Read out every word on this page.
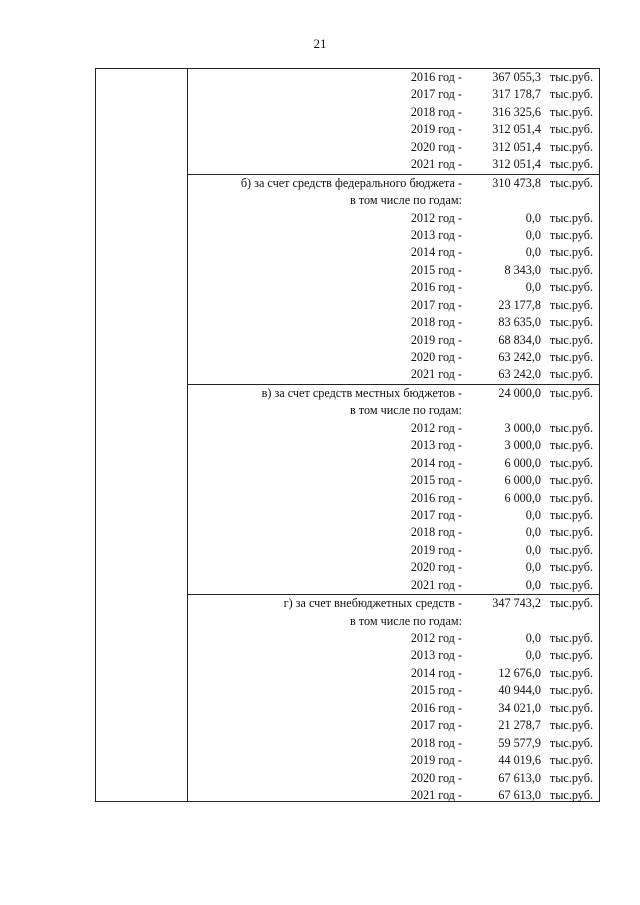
21
2016 год - 367 055,3 тыс.руб.
2017 год - 317 178,7 тыс.руб.
2018 год - 316 325,6 тыс.руб.
2019 год - 312 051,4 тыс.руб.
2020 год - 312 051,4 тыс.руб.
2021 год - 312 051,4 тыс.руб.
б) за счет средств федерального бюджета - 310 473,8 тыс.руб.
в том числе по годам:
2012 год -	0,0 тыс.руб.
2013 год -	0,0 тыс.руб.
2014 год -	0,0 тыс.руб.
2015 год -	8 343,0 тыс.руб.
2016 год -	0,0 тыс.руб.
2017 год -	23 177,8 тыс.руб.
2018 год -	83 635,0 тыс.руб.
2019 год -	68 834,0 тыс.руб.
2020 год -	63 242,0 тыс.руб.
2021 год -	63 242,0 тыс.руб.
в) за счет средств местных бюджетов -	24 000,0 тыс.руб.
в том числе по годам:
2012 год -	3 000,0 тыс.руб.
2013 год -	3 000,0 тыс.руб.
2014 год -	6 000,0 тыс.руб.
2015 год -	6 000,0 тыс.руб.
2016 год -	6 000,0 тыс.руб.
2017 год -	0,0 тыс.руб.
2018 год -	0,0 тыс.руб.
2019 год -	0,0 тыс.руб.
2020 год -	0,0 тыс.руб.
2021 год -	0,0 тыс.руб.
г) за счет внебюджетных средств - 347 743,2 тыс.руб.
в том числе по годам:
2012 год -	0,0 тыс.руб.
2013 год -	0,0 тыс.руб.
2014 год -	12 676,0 тыс.руб.
2015 год -	40 944,0 тыс.руб.
2016 год -	34 021,0 тыс.руб.
2017 год -	21 278,7 тыс.руб.
2018 год -	59 577,9 тыс.руб.
2019 год -	44 019,6 тыс.руб.
2020 год -	67 613,0 тыс.руб.
2021 год -	67 613,0 тыс.руб.
